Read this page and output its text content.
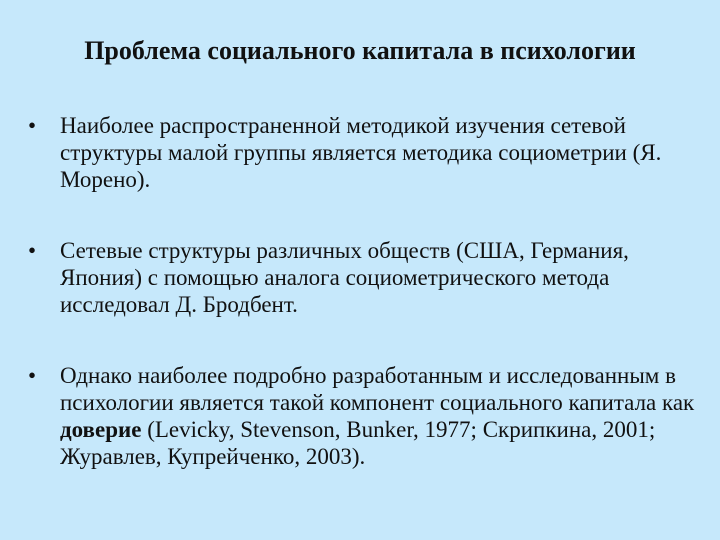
Проблема социального капитала в психологии
•	Наиболее распространенной методикой изучения сетевой структуры малой группы является методика социометрии (Я. Морено).
•	Сетевые структуры различных обществ (США, Германия, Япония) с помощью аналога социометрического метода исследовал Д. Бродбент.
•	Однако наиболее подробно разработанным и исследованным в психологии является такой компонент социального капитала как доверие (Levicky, Stevenson, Bunker, 1977; Скрипкина, 2001; Журавлев, Купрейченко, 2003).
